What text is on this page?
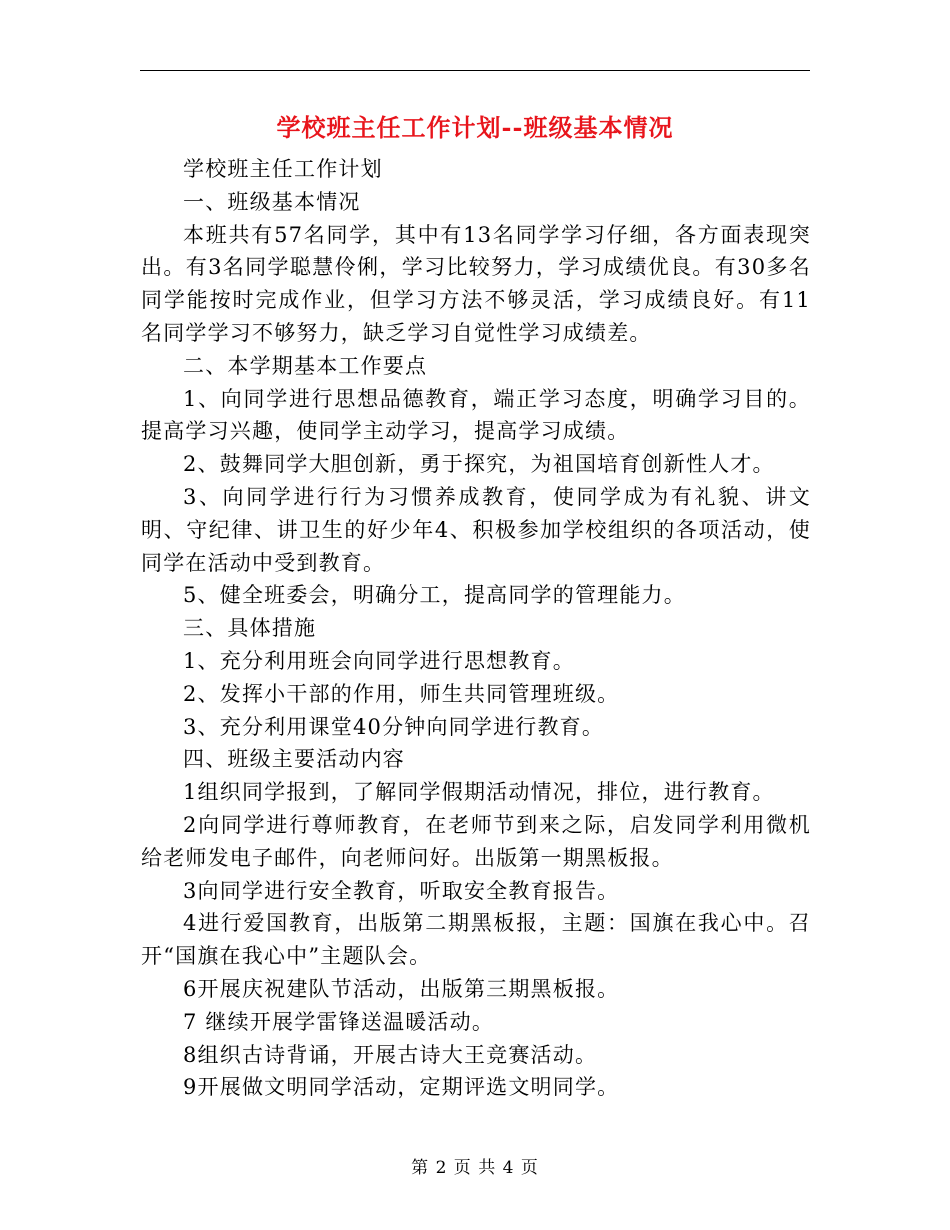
学校班主任工作计划--班级基本情况

学校班主任工作计划

一、班级基本情况

本班共有57名同学，其中有13名同学学习仔细，各方面表现突出。有3名同学聪慧伶俐，学习比较努力，学习成绩优良。有30多名同学能按时完成作业，但学习方法不够灵活，学习成绩良好。有11名同学学习不够努力，缺乏学习自觉性学习成绩差。

二、本学期基本工作要点

1、向同学进行思想品德教育，端正学习态度，明确学习目的。提高学习兴趣，使同学主动学习，提高学习成绩。

2、鼓舞同学大胆创新，勇于探究，为祖国培育创新性人才。

3、向同学进行行为习惯养成教育，使同学成为有礼貌、讲文明、守纪律、讲卫生的好少年4、积极参加学校组织的各项活动，使同学在活动中受到教育。

5、健全班委会，明确分工，提高同学的管理能力。

三、具体措施

1、充分利用班会向同学进行思想教育。

2、发挥小干部的作用，师生共同管理班级。

3、充分利用课堂40分钟向同学进行教育。

四、班级主要活动内容

1组织同学报到，了解同学假期活动情况，排位，进行教育。

2向同学进行尊师教育，在老师节到来之际，启发同学利用微机给老师发电子邮件，向老师问好。出版第一期黑板报。

3向同学进行安全教育，听取安全教育报告。

4进行爱国教育，出版第二期黑板报，主题：国旗在我心中。召开“国旗在我心中”主题队会。

6开展庆祝建队节活动，出版第三期黑板报。

7 继续开展学雷锋送温暖活动。

8组织古诗背诵，开展古诗大王竞赛活动。

9开展做文明同学活动，定期评选文明同学。

第 2 页 共 4 页
